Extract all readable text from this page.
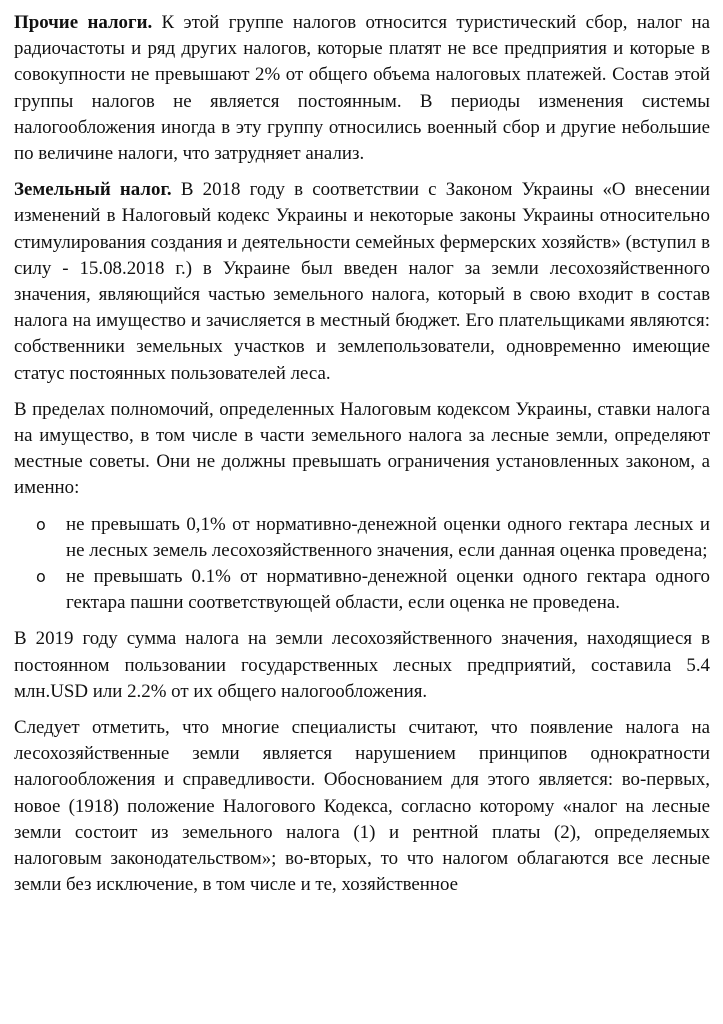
Прочие налоги. К этой группе налогов относится туристический сбор, налог на радиочастоты и ряд других налогов, которые платят не все предприятия и которые в совокупности не превышают 2% от общего объема налоговых платежей. Состав этой группы налогов не является постоянным. В периоды изменения системы налогообложения иногда в эту группу относились военный сбор и другие небольшие по величине налоги, что затрудняет анализ.

Земельный налог. В 2018 году в соответствии с Законом Украины «О внесении изменений в Налоговый кодекс Украины и некоторые законы Украины относительно стимулирования создания и деятельности семейных фермерских хозяйств» (вступил в силу - 15.08.2018 г.) в Украине был введен налог за земли лесохозяйственного значения, являющийся частью земельного налога, который в свою входит в состав налога на имущество и зачисляется в местный бюджет. Его плательщиками являются: собственники земельных участков и землепользователи, одновременно имеющие статус постоянных пользователей леса.

В пределах полномочий, определенных Налоговым кодексом Украины, ставки налога на имущество, в том числе в части земельного налога за лесные земли, определяют местные советы. Они не должны превышать ограничения установленных законом, а именно:

o не превышать 0,1% от нормативно-денежной оценки одного гектара лесных и не лесных земель лесохозяйственного значения, если данная оценка проведена;
o не превышать 0.1% от нормативно-денежной оценки одного гектара одного гектара пашни соответствующей области, если оценка не проведена.

В 2019 году сумма налога на земли лесохозяйственного значения, находящиеся в постоянном пользовании государственных лесных предприятий, составила 5.4 млн.USD или 2.2% от их общего налогообложения.

Следует отметить, что многие специалисты считают, что появление налога на лесохозяйственные земли является нарушением принципов однократности налогообложения и справедливости. Обоснованием для этого является: во-первых, новое (1918) положение Налогового Кодекса, согласно которому «налог на лесные земли состоит из земельного налога (1) и рентной платы (2), определяемых налоговым законодательством»; во-вторых, то что налогом облагаются все лесные земли без исключение, в том числе и те, хозяйственное
